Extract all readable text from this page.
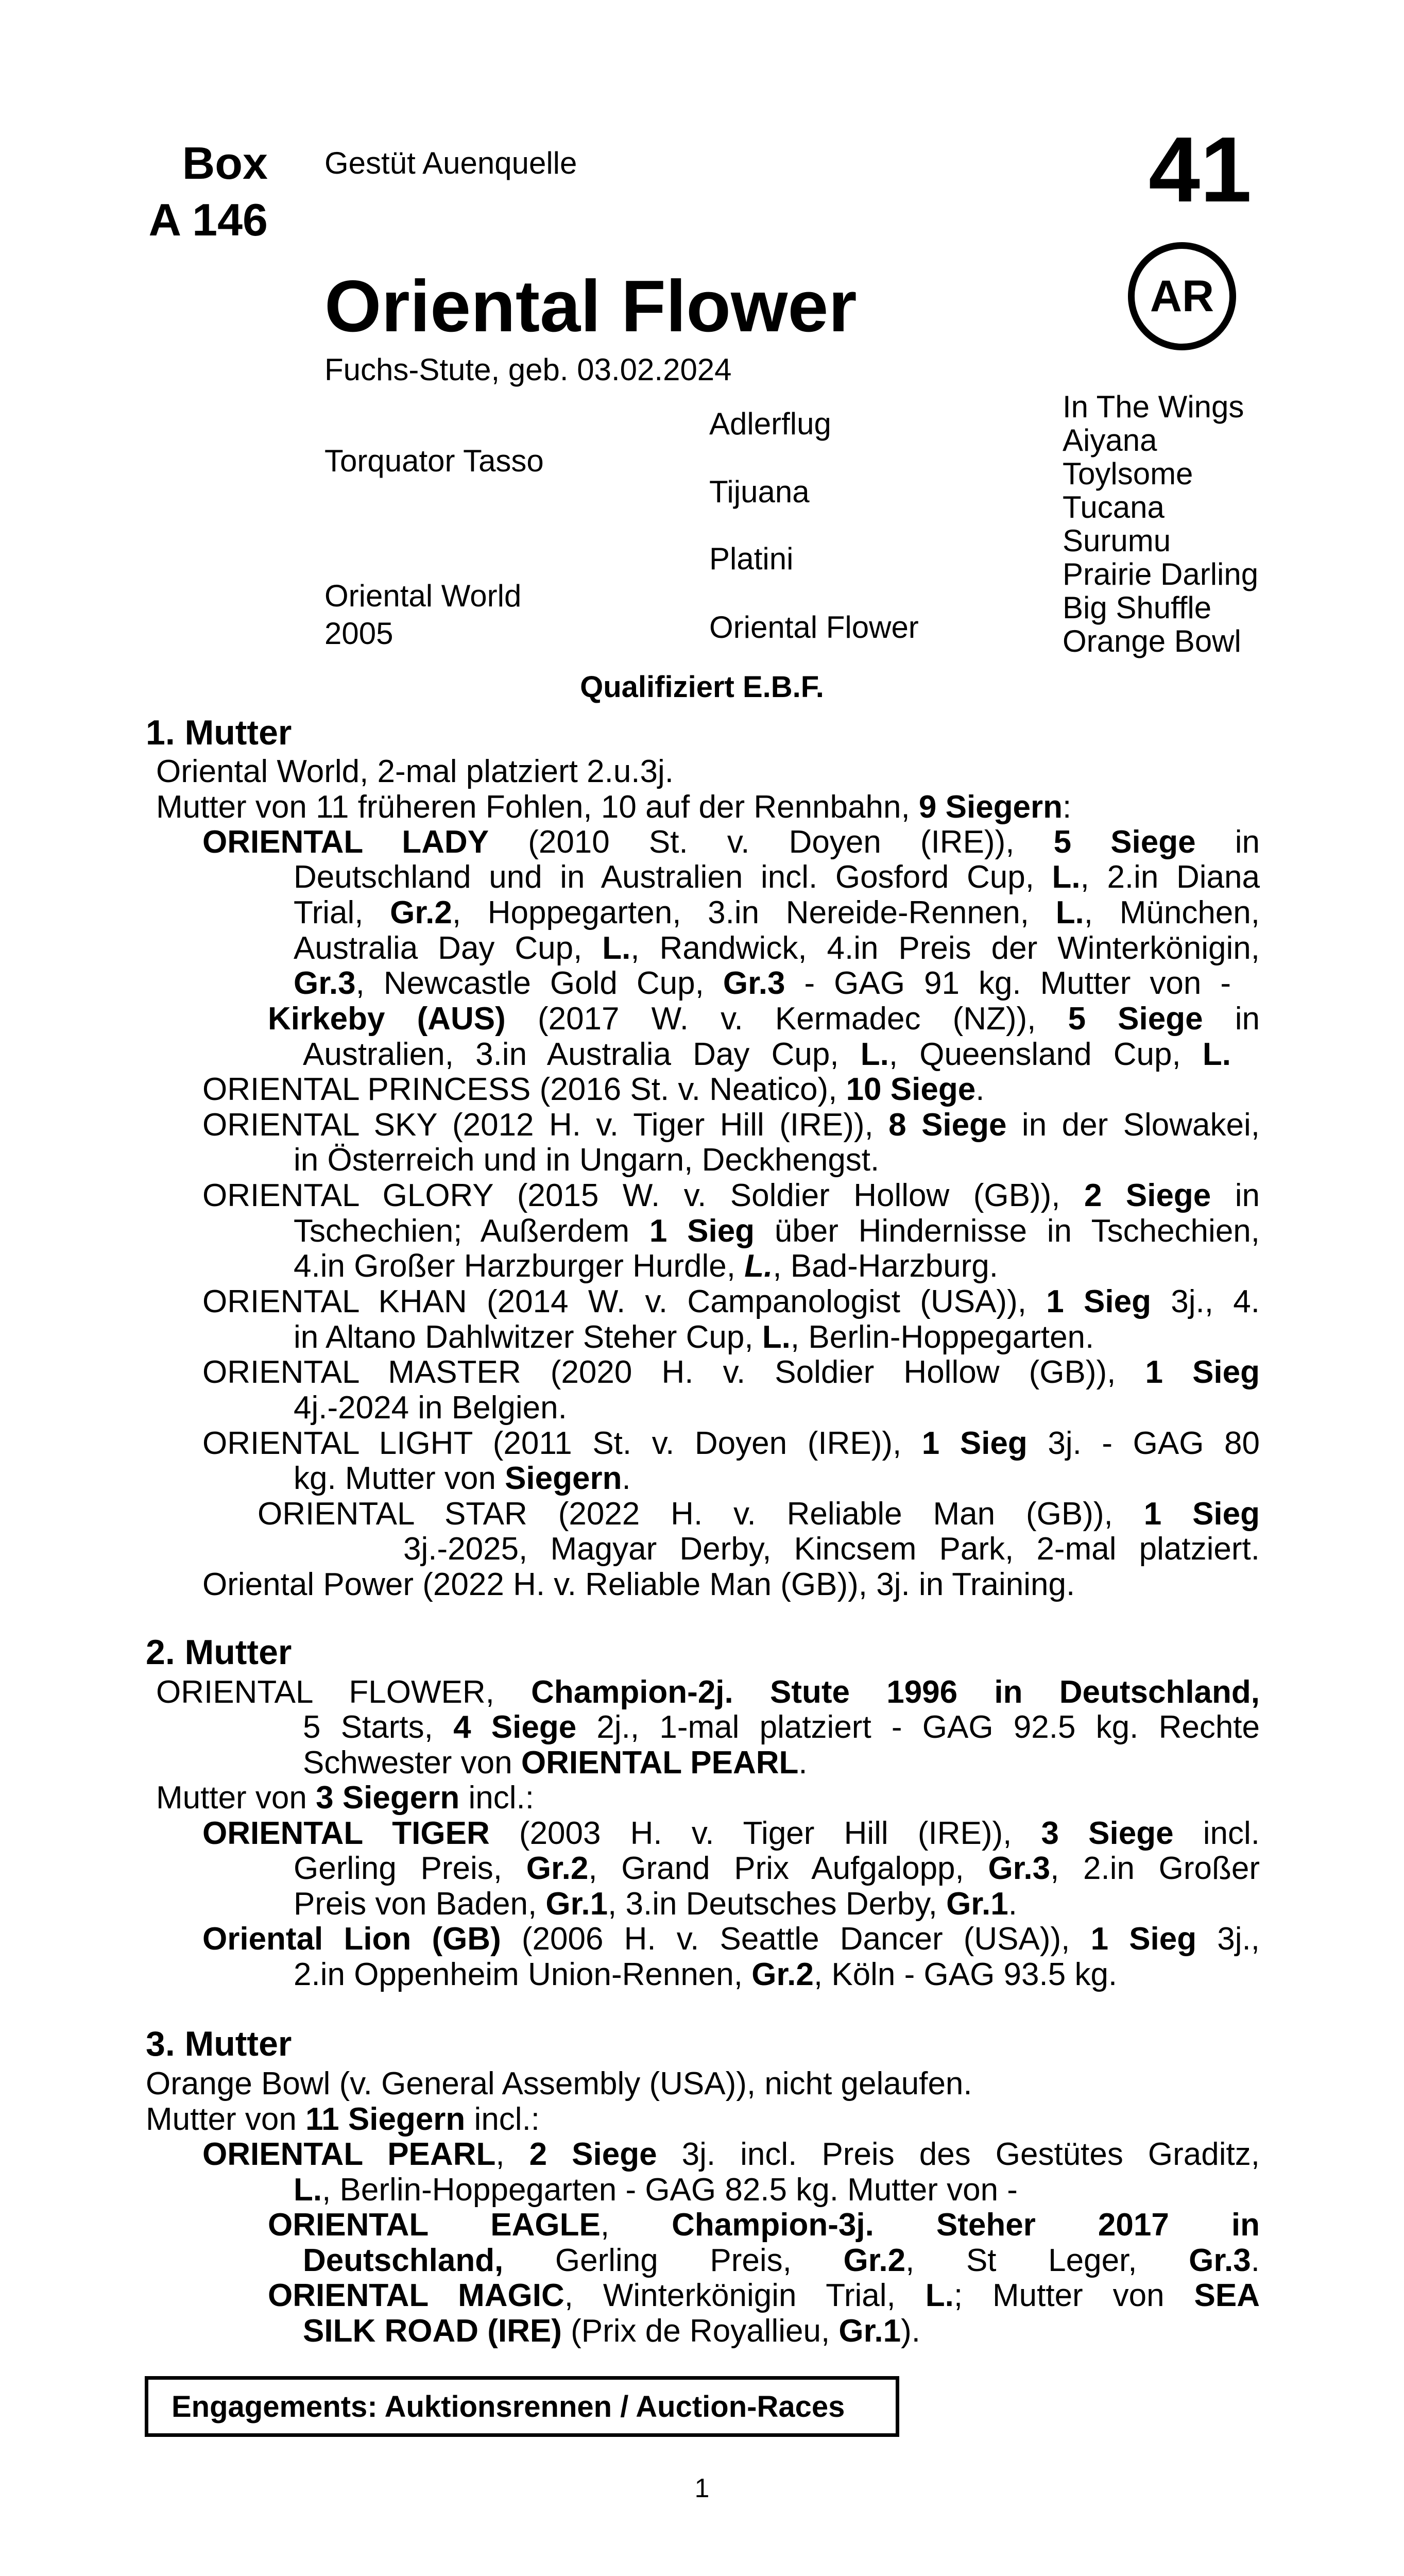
Box
A 146
Gestüt Auenquelle	41
AR
Oriental Flower
Fuchs-Stute, geb. 03.02.2024
Torquator Tasso
Oriental World
2005
Adlerflug
Tijuana
Platini
Oriental Flower
In The Wings
Aiyana
Toylsome
Tucana
Surumu
Prairie Darling
Big Shuffle
Orange Bowl
Qualifiziert E.B.F.
1. Mutter
2. Mutter
3. Mutter
Oriental World, 2-mal platziert 2.u.3j.
Mutter von 11 früheren Fohlen, 10 auf der Rennbahn, 9 Siegern:
ORIENTAL LADY (2010 St. v. Doyen (IRE)), 5 Siege in
Deutschland und in Australien incl. Gosford Cup, L., 2.in Diana
Trial, Gr.2, Hoppegarten, 3.in Nereide-Rennen, L., München,
Australia Day Cup, L., Randwick, 4.in Preis der Winterkönigin,
Gr.3, Newcastle Gold Cup, Gr.3 - GAG 91 kg. Mutter von -
Kirkeby (AUS) (2017 W. v. Kermadec (NZ)), 5 Siege in
Australien, 3.in Australia Day Cup, L., Queensland Cup, L.
ORIENTAL PRINCESS (2016 St. v. Neatico), 10 Siege.
ORIENTAL SKY (2012 H. v. Tiger Hill (IRE)), 8 Siege in der Slowakei,
in Österreich und in Ungarn, Deckhengst.
ORIENTAL GLORY (2015 W. v. Soldier Hollow (GB)), 2 Siege in
Tschechien; Außerdem 1 Sieg über Hindernisse in Tschechien,
4.in Großer Harzburger Hurdle, L., Bad-Harzburg.
ORIENTAL KHAN (2014 W. v. Campanologist (USA)), 1 Sieg 3j., 4.
in Altano Dahlwitzer Steher Cup, L., Berlin-Hoppegarten.
ORIENTAL MASTER (2020 H. v. Soldier Hollow (GB)), 1 Sieg
4j.-2024 in Belgien.
ORIENTAL LIGHT (2011 St. v. Doyen (IRE)), 1 Sieg 3j. - GAG 80
kg. Mutter von Siegern.
ORIENTAL STAR (2022 H. v. Reliable Man (GB)), 1 Sieg
3j.-2025, Magyar Derby, Kincsem Park, 2-mal platziert.
Oriental Power (2022 H. v. Reliable Man (GB)), 3j. in Training.
ORIENTAL FLOWER, Champion-2j. Stute 1996 in Deutschland,
5 Starts, 4 Siege 2j., 1-mal platziert - GAG 92.5 kg. Rechte
Schwester von ORIENTAL PEARL.
Mutter von 3 Siegern incl.:
ORIENTAL TIGER (2003 H. v. Tiger Hill (IRE)), 3 Siege incl.
Gerling Preis, Gr.2, Grand Prix Aufgalopp, Gr.3, 2.in Großer
Preis von Baden, Gr.1, 3.in Deutsches Derby, Gr.1.
Oriental Lion (GB) (2006 H. v. Seattle Dancer (USA)), 1 Sieg 3j.,
2.in Oppenheim Union-Rennen, Gr.2, Köln - GAG 93.5 kg.
Orange Bowl (v. General Assembly (USA)), nicht gelaufen.
Mutter von 11 Siegern incl.:
ORIENTAL PEARL, 2 Siege 3j. incl. Preis des Gestütes Graditz,
L., Berlin-Hoppegarten - GAG 82.5 kg. Mutter von -
ORIENTAL EAGLE, Champion-3j. Steher 2017 in
Deutschland, Gerling Preis, Gr.2, St Leger, Gr.3.
ORIENTAL MAGIC, Winterkönigin Trial, L.; Mutter von SEA
SILK ROAD (IRE) (Prix de Royallieu, Gr.1).
Engagements: Auktionsrennen / Auction-Races
1
